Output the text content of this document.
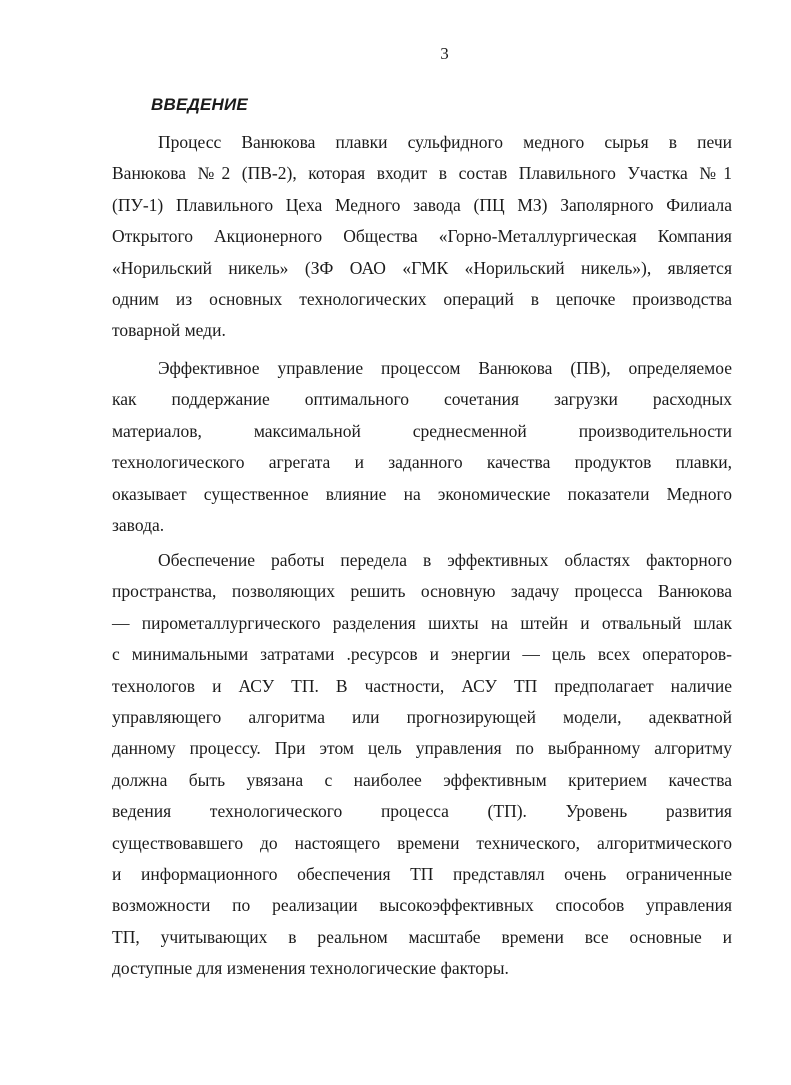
3
ВВЕДЕНИЕ
Процесс Ванюкова плавки сульфидного медного сырья в печи
Ванюкова №2 (ПВ-2), которая входит в состав Плавильного Участка №1
(ПУ-1) Плавильного Цеха Медного завода (ПЦ МЗ) Заполярного Филиала
Открытого Акционерного Общества «Горно-Металлургическая Компания
«Норильский никель» (ЗФ ОАО «ГМК «Норильский никель»), является
одним из основных технологических операций в цепочке производства
товарной меди.
Эффективное управление процессом Ванюкова (ПВ), определяемое
как поддержание оптимального сочетания загрузки расходных
материалов, максимальной среднесменной производительности
технологического агрегата и заданного качества продуктов плавки,
оказывает существенное влияние на экономические показатели Медного
завода.
Обеспечение работы передела в эффективных областях факторного
пространства, позволяющих решить основную задачу процесса Ванюкова
— пирометаллургического разделения шихты на штейн и отвальный шлак
с минимальными затратами .ресурсов и энергии — цель всех операторов-
технологов и АСУ ТП. В частности, АСУ ТП предполагает наличие
управляющего алгоритма или прогнозирующей модели, адекватной
данному процессу. При этом цель управления по выбранному алгоритму
должна быть увязана с наиболее эффективным критерием качества
ведения технологического процесса (ТП). Уровень развития
существовавшего до настоящего времени технического, алгоритмического
и информационного обеспечения ТП представлял очень ограниченные
возможности по реализации высокоэффективных способов управления
ТП, учитывающих в реальном масштабе времени все основные и
доступные для изменения технологические факторы.
